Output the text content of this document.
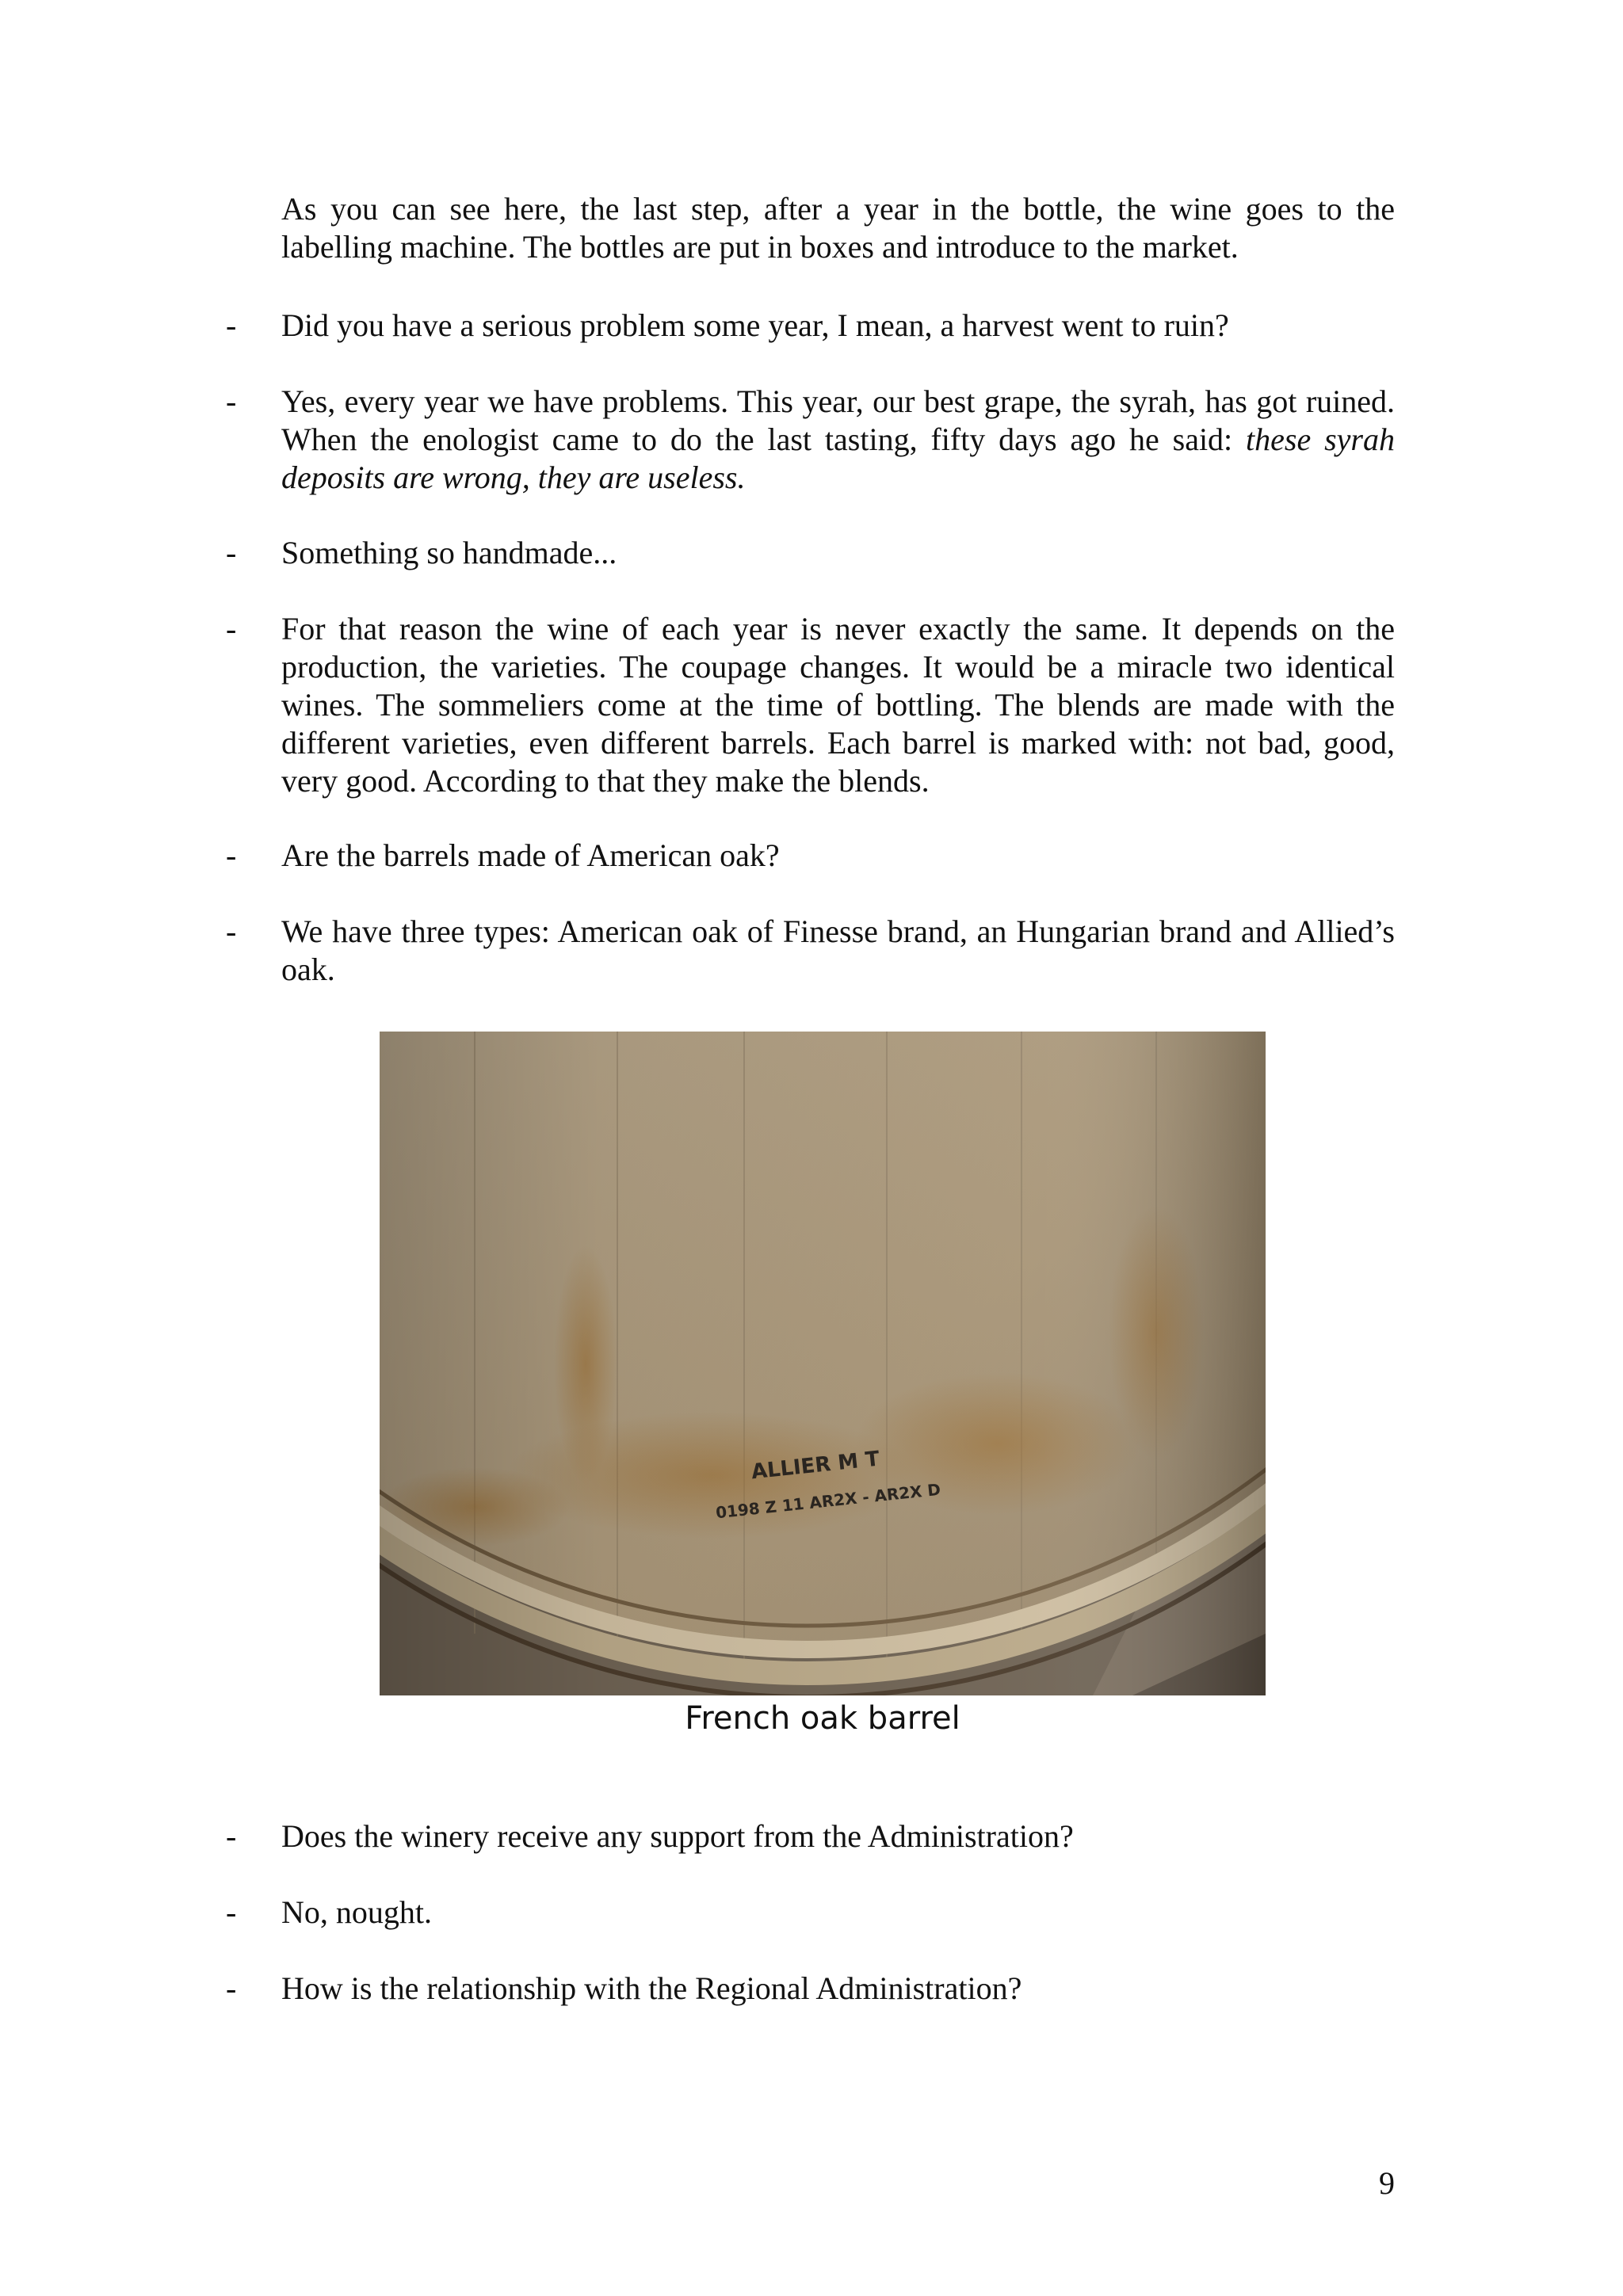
As you can see here, the last step, after a year in the bottle, the wine goes to the labelling machine. The bottles are put in boxes and introduce to the market.
-	Did you have a serious problem some year, I mean, a harvest went to ruin?
-	Yes, every year we have problems. This year, our best grape, the syrah, has got ruined. When the enologist came to do the last tasting, fifty days ago he said: these syrah deposits are wrong, they are useless.
-	Something so handmade...
-	For that reason the wine of each year is never exactly the same. It depends on the production, the varieties. The coupage changes. It would be a miracle two identical wines. The sommeliers come at the time of bottling. The blends are made with the different varieties, even different barrels. Each barrel is marked with: not bad, good, very good. According to that they make the blends.
-	Are the barrels made of American oak?
-	We have three types: American oak of Finesse brand, an Hungarian brand and Allied’s oak.
ALLIER M T
0198 Z 11 AR2X - AR2X D
French oak barrel
-	Does the winery receive any support from the Administration?
-	No, nought.
-	How is the relationship with the Regional Administration?
9
